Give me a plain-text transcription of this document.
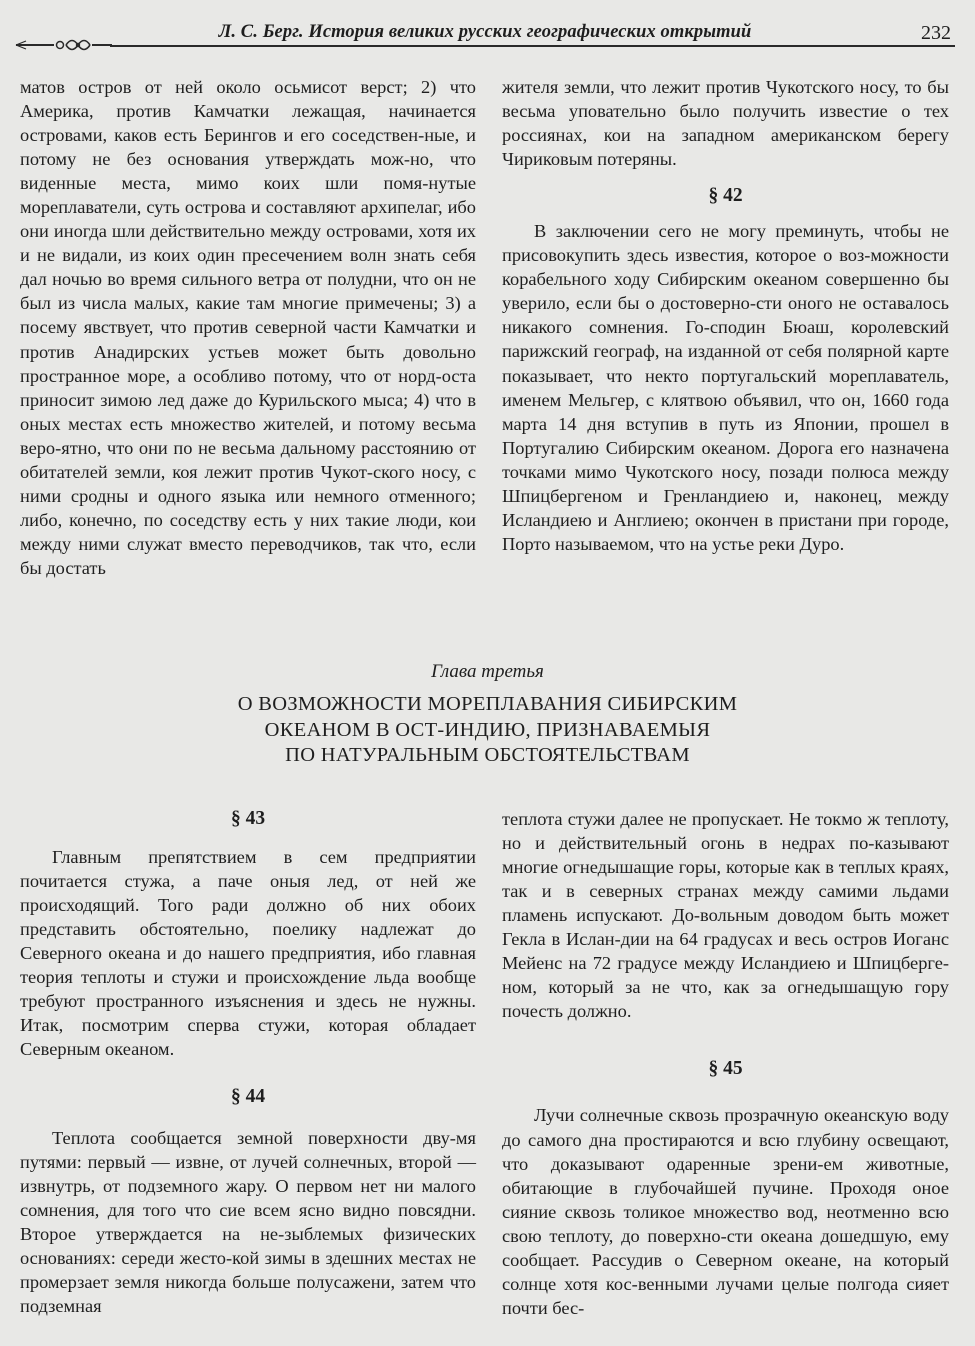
Л. С. Берг. История великих русских географических открытий	232

матов остров от ней около осьмисот верст; 2) что Америка, против Камчатки лежащая, начинается островами, каков есть Берингов и его соседствен-ные, и потому не без основания утверждать мож-но, что виденные места, мимо коих шли помя-нутые мореплаватели, суть острова и составляют архипелаг, ибо они иногда шли действительно между островами, хотя их и не видали, из коих один пресечением волн знать себя дал ночью во время сильного ветра от полудни, что он не был из числа малых, какие там многие примечены; 3) а посему явствует, что против северной части Камчатки и против Анадирских устьев может быть довольно пространное море, а особливо потому, что от норд-оста приносит зимою лед даже до Курильского мыса; 4) что в оных местах есть множество жителей, и потому весьма веро-ятно, что они по не весьма дальному расстоянию от обитателей земли, коя лежит против Чукот-ского носу, с ними сродны и одного языка или немного отменного; либо, конечно, по соседству есть у них такие люди, кои между ними служат вместо переводчиков, так что, если бы достать

жителя земли, что лежит против Чукотского носу, то бы весьма уповательно было получить известие о тех россиянах, кои на западном американском берегу Чириковым потеряны.

§ 42

В заключении сего не могу преминуть, чтобы не присовокупить здесь известия, которое о воз-можности корабельного ходу Сибирским океаном совершенно бы уверило, если бы о достоверно-сти оного не оставалось никакого сомнения. Го-сподин Бюаш, королевский парижский географ, на изданной от себя полярной карте показывает, что некто португальский мореплаватель, именем Мельгер, с клятвою объявил, что он, 1660 года марта 14 дня вступив в путь из Японии, прошел в Португалию Сибирским океаном. Дорога его назначена точками мимо Чукотского носу, позади полюса между Шпицбергеном и Гренландиею и, наконец, между Исландиею и Англиею; окончен в пристани при городе, Порто называемом, что на устье реки Дуро.

Глава третья
О ВОЗМОЖНОСТИ МОРЕПЛАВАНИЯ СИБИРСКИМ
ОКЕАНОМ В ОСТ-ИНДИЮ, ПРИЗНАВАЕМЫЯ
ПО НАТУРАЛЬНЫМ ОБСТОЯТЕЛЬСТВАМ

§ 43

Главным препятствием в сем предприятии почитается стужа, а паче оныя лед, от ней же происходящий. Того ради должно об них обоих представить обстоятельно, поелику надлежат до Северного океана и до нашего предприятия, ибо главная теория теплоты и стужи и происхождение льда вообще требуют пространного изъяснения и здесь не нужны. Итак, посмотрим сперва стужи, которая обладает Северным океаном.

§ 44

Теплота сообщается земной поверхности дву-мя путями: первый — извне, от лучей солнечных, второй — извнутрь, от подземного жару. О первом нет ни малого сомнения, для того что сие всем ясно видно повсядни. Второе утверждается на не-зыблемых физических основаниях: середи жесто-кой зимы в здешних местах не промерзает земля никогда больше полусажени, затем что подземная

теплота стужи далее не пропускает. Не токмо ж теплоту, но и действительный огонь в недрах по-казывают многие огнедышащие горы, которые как в теплых краях, так и в северных странах между самими льдами пламень испускают. До-вольным доводом быть может Гекла в Ислан-дии на 64 градусах и весь остров Иоганс Мейенс на 72 градусе между Исландиею и Шпицберге-ном, который за не что, как за огнедышащую гору почесть должно.

§ 45

Лучи солнечные сквозь прозрачную океанскую воду до самого дна простираются и всю глубину освещают, что доказывают одаренные зрени-ем животные, обитающие в глубочайшей пучине. Проходя оное сияние сквозь толикое множество вод, неотменно всю свою теплоту, до поверхно-сти океана дошедшую, ему сообщает. Рассудив о Северном океане, на который солнце хотя кос-венными лучами целые полгода сияет почти бес-
